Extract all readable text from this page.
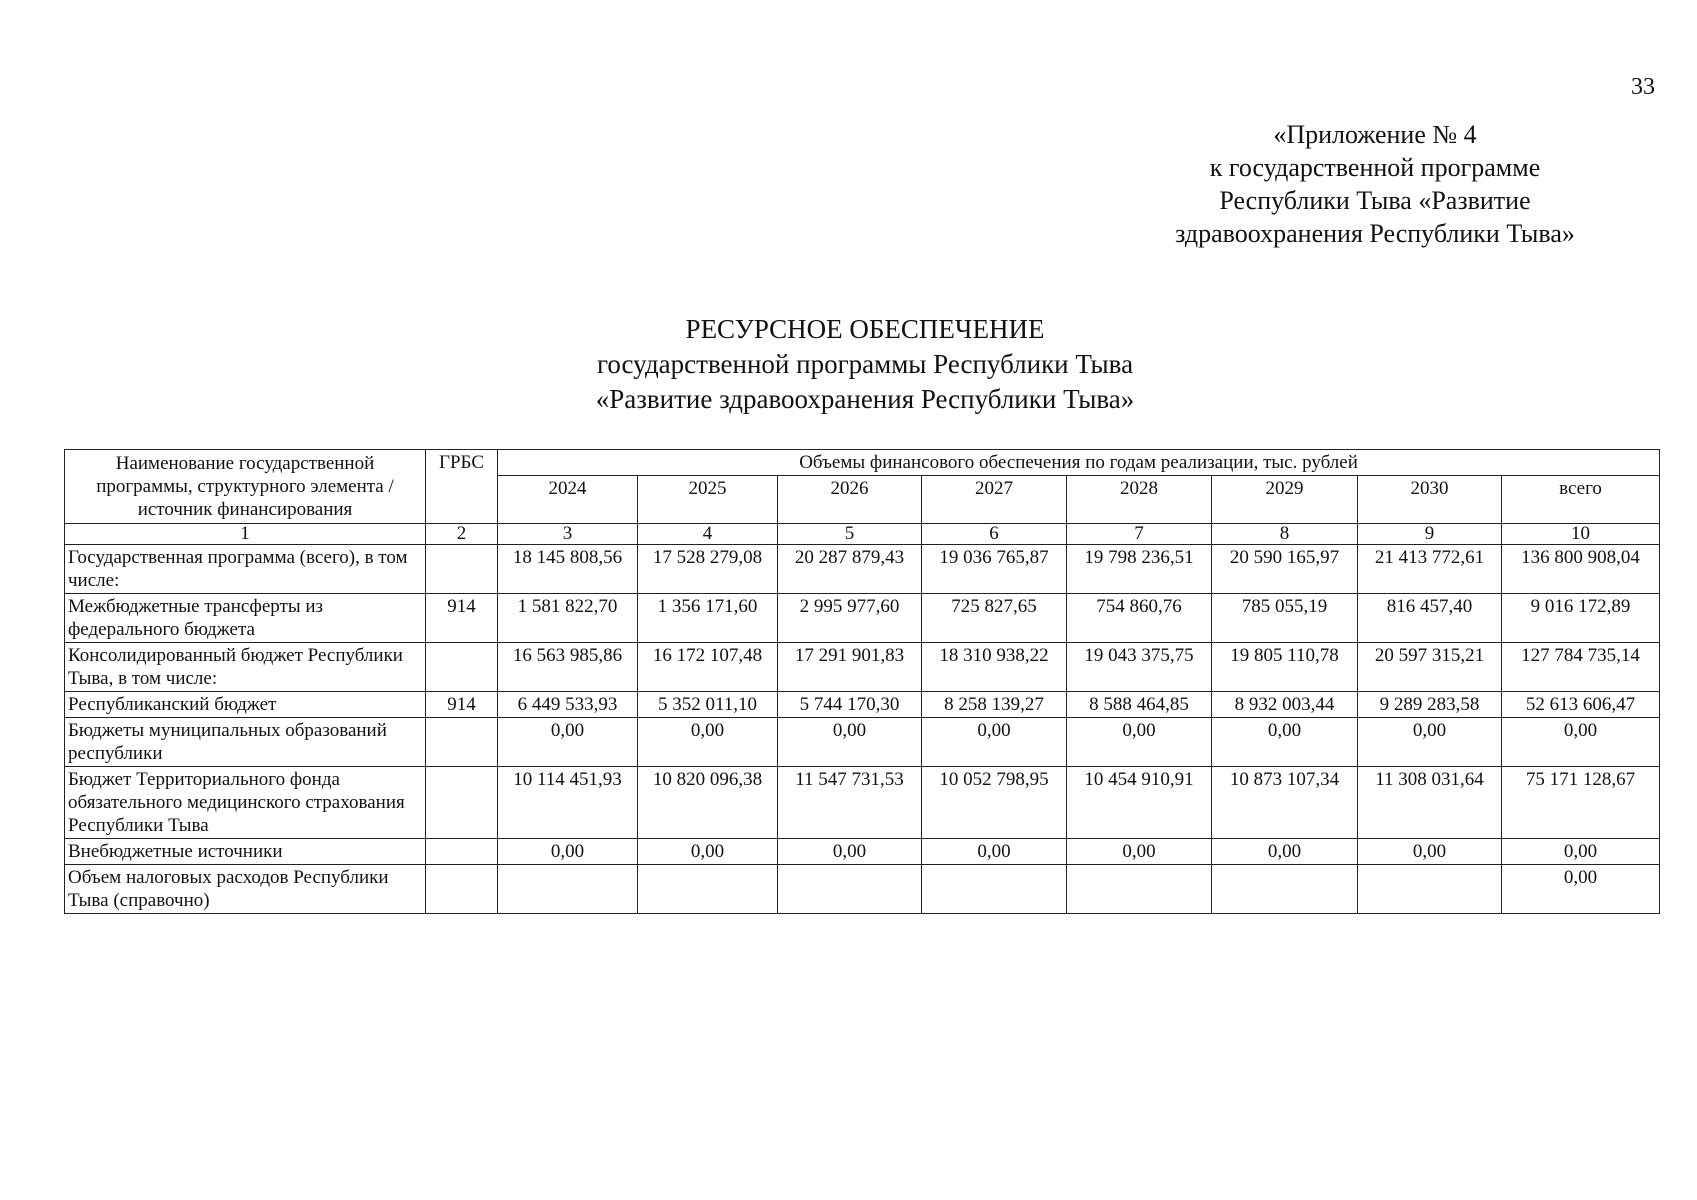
33
«Приложение № 4
к государственной программе
Республики Тыва «Развитие
здравоохранения Республики Тыва»
РЕСУРСНОЕ ОБЕСПЕЧЕНИЕ
государственной программы Республики Тыва
«Развитие здравоохранения Республики Тыва»
Наименование государственной программы, структурного элемента / источник финансирования	ГРБС	Объемы финансового обеспечения по годам реализации, тыс. рублей							
		2024	2025	2026	2027	2028	2029	2030	всего
1	2	3	4	5	6	7	8	9	10
Государственная программа (всего), в том числе:		18 145 808,56	17 528 279,08	20 287 879,43	19 036 765,87	19 798 236,51	20 590 165,97	21 413 772,61	136 800 908,04
Межбюджетные трансферты из федерального бюджета	914	1 581 822,70	1 356 171,60	2 995 977,60	725 827,65	754 860,76	785 055,19	816 457,40	9 016 172,89
Консолидированный бюджет Республики Тыва, в том числе:		16 563 985,86	16 172 107,48	17 291 901,83	18 310 938,22	19 043 375,75	19 805 110,78	20 597 315,21	127 784 735,14
Республиканский бюджет	914	6 449 533,93	5 352 011,10	5 744 170,30	8 258 139,27	8 588 464,85	8 932 003,44	9 289 283,58	52 613 606,47
Бюджеты муниципальных образований республики		0,00	0,00	0,00	0,00	0,00	0,00	0,00	0,00
Бюджет Территориального фонда обязательного медицинского страхования Республики Тыва		10 114 451,93	10 820 096,38	11 547 731,53	10 052 798,95	10 454 910,91	10 873 107,34	11 308 031,64	75 171 128,67
Внебюджетные источники		0,00	0,00	0,00	0,00	0,00	0,00	0,00	0,00
Объем налоговых расходов Республики Тыва (справочно)									0,00
